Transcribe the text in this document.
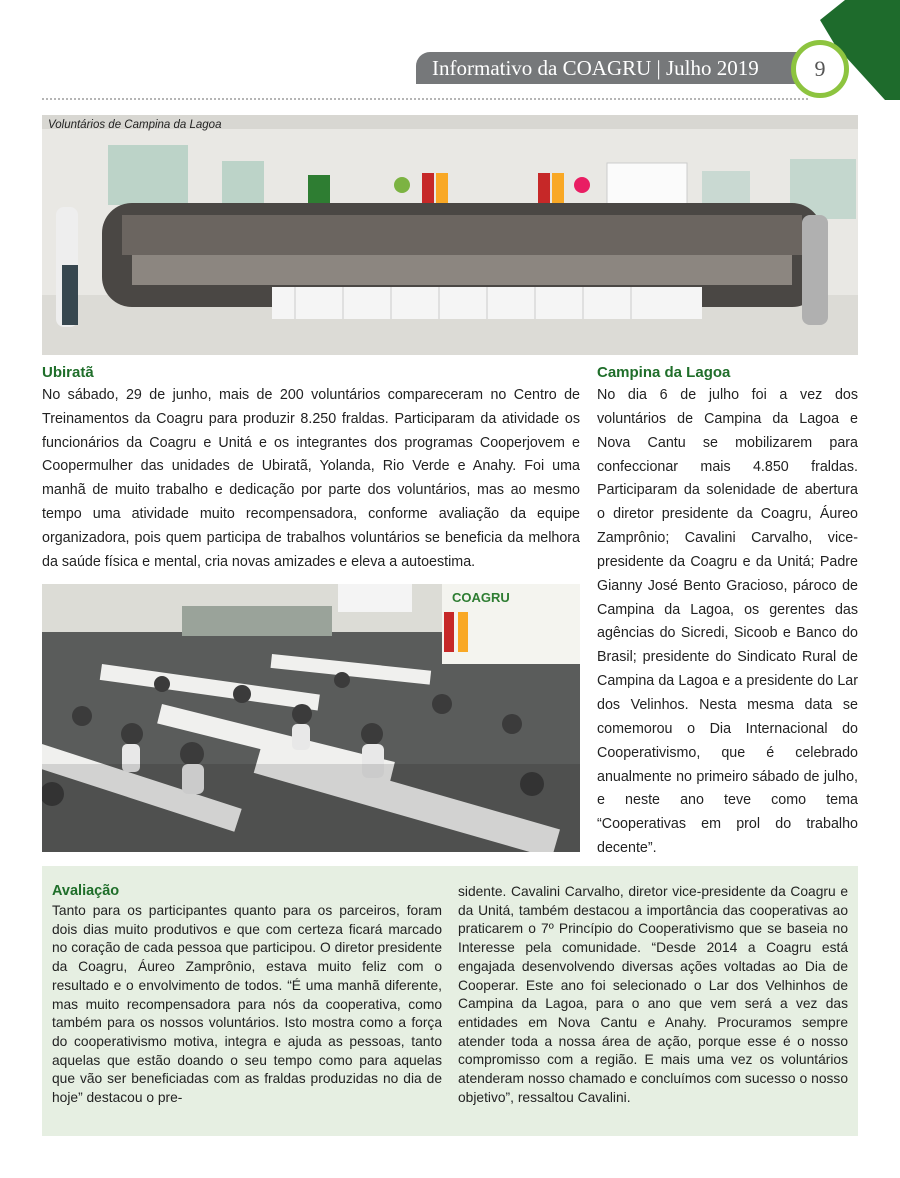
Informativo da COAGRU | Julho 2019	9
Voluntários de Campina da Lagoa
Ubiratã
No sábado, 29 de junho, mais de 200 voluntários compareceram no Centro de Treinamentos da Coagru para produzir 8.250 fraldas. Participaram da atividade os funcionários da Coagru e Unitá e os integrantes dos programas Cooperjovem e Coopermulher das unidades de Ubiratã, Yolanda, Rio Verde e Anahy. Foi uma manhã de muito trabalho e dedicação por parte dos voluntários, mas ao mesmo tempo uma atividade muito recompensadora, conforme avaliação da equipe organizadora, pois quem participa de trabalhos voluntários se beneficia da melhora da saúde física e mental, cria novas amizades e eleva a autoestima.
COAGRU
Campina da Lagoa
No dia 6 de julho foi a vez dos voluntários de Campina da Lagoa e Nova Cantu se mobilizarem para confeccionar mais 4.850 fraldas. Participaram da solenidade de abertura o diretor presidente da Coagru, Áureo Zamprônio; Cavalini Carvalho, vice-presidente da Coagru e da Unitá; Padre Gianny José Bento Gracioso, pároco de Campina da Lagoa, os gerentes das agências do Sicredi, Sicoob e Banco do Brasil; presidente do Sindicato Rural de Campina da Lagoa e a presidente do Lar dos Velinhos. Nesta mesma data se comemorou o Dia Internacional do Cooperativismo, que é celebrado anualmente no primeiro sábado de julho, e neste ano teve como tema “Cooperativas em prol do trabalho decente”.
Avaliação
Tanto para os participantes quanto para os parceiros, foram dois dias muito produtivos e que com certeza ficará marcado no coração de cada pessoa que participou. O diretor presidente da Coagru, Áureo Zamprônio, estava muito feliz com o resultado e o envolvimento de todos. “É uma manhã diferente, mas muito recompensadora para nós da cooperativa, como também para os nossos voluntários. Isto mostra como a força do cooperativismo motiva, integra e ajuda as pessoas, tanto aquelas que estão doando o seu tempo como para aquelas que vão ser beneficiadas com as fraldas produzidas no dia de hoje” destacou o pre-
sidente. Cavalini Carvalho, diretor vice-presidente da Coagru e da Unitá, também destacou a importância das cooperativas ao praticarem o 7º Princípio do Cooperativismo que se baseia no Interesse pela comunidade. “Desde 2014 a Coagru está engajada desenvolvendo diversas ações voltadas ao Dia de Cooperar. Este ano foi selecionado o Lar dos Velhinhos de Campina da Lagoa, para o ano que vem será a vez das entidades em Nova Cantu e Anahy. Procuramos sempre atender toda a nossa área de ação, porque esse é o nosso compromisso com a região. E mais uma vez os voluntários atenderam nosso chamado e concluímos com sucesso o nosso objetivo”, ressaltou Cavalini.
